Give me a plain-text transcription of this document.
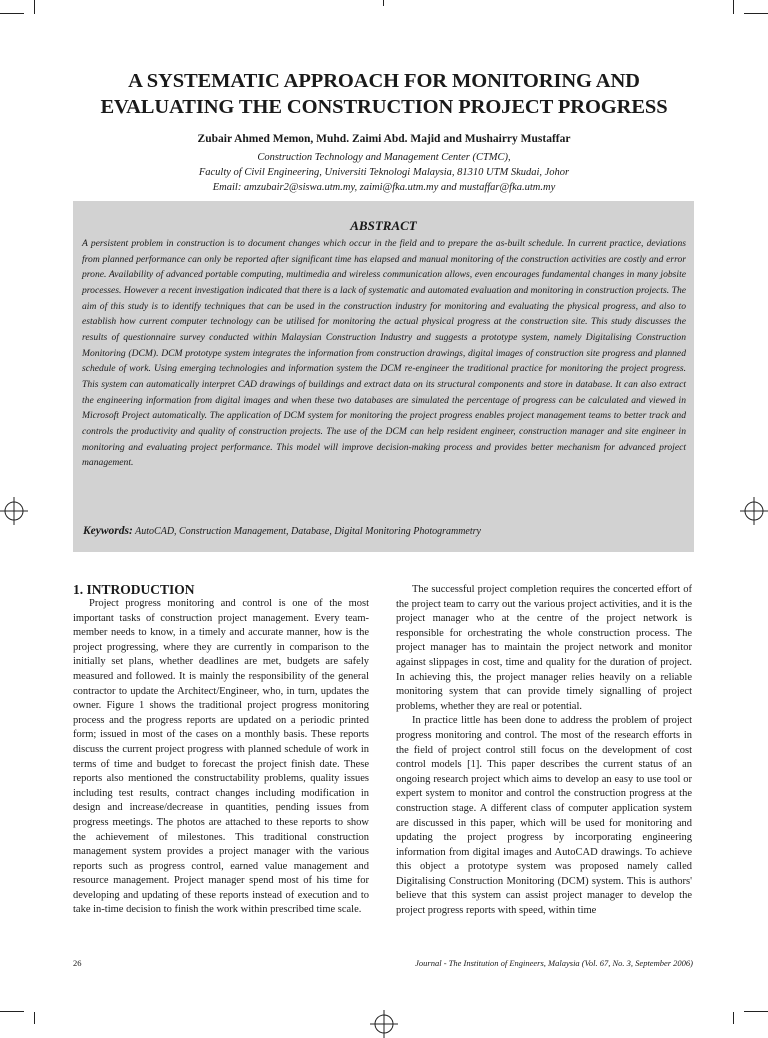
A SYSTEMATIC APPROACH FOR MONITORING AND EVALUATING THE CONSTRUCTION PROJECT PROGRESS
Zubair Ahmed Memon, Muhd. Zaimi Abd. Majid and Mushairry Mustaffar
Construction Technology and Management Center (CTMC),
Faculty of Civil Engineering, Universiti Teknologi Malaysia, 81310 UTM Skudai, Johor
Email: amzubair2@siswa.utm.my, zaimi@fka.utm.my and mustaffar@fka.utm.my
ABSTRACT
A persistent problem in construction is to document changes which occur in the field and to prepare the as-built schedule. In current practice, deviations from planned performance can only be reported after significant time has elapsed and manual monitoring of the construction activities are costly and error prone. Availability of advanced portable computing, multimedia and wireless communication allows, even encourages fundamental changes in many jobsite processes. However a recent investigation indicated that there is a lack of systematic and automated evaluation and monitoring in construction projects. The aim of this study is to identify techniques that can be used in the construction industry for monitoring and evaluating the physical progress, and also to establish how current computer technology can be utilised for monitoring the actual physical progress at the construction site. This study discusses the results of questionnaire survey conducted within Malaysian Construction Industry and suggests a prototype system, namely Digitalising Construction Monitoring (DCM). DCM prototype system integrates the information from construction drawings, digital images of construction site progress and planned schedule of work. Using emerging technologies and information system the DCM re-engineer the traditional practice for monitoring the project progress. This system can automatically interpret CAD drawings of buildings and extract data on its structural components and store in database. It can also extract the engineering information from digital images and when these two databases are simulated the percentage of progress can be calculated and viewed in Microsoft Project automatically. The application of DCM system for monitoring the project progress enables project management teams to better track and controls the productivity and quality of construction projects. The use of the DCM can help resident engineer, construction manager and site engineer in monitoring and evaluating project performance. This model will improve decision-making process and provides better mechanism for advanced project management.
Keywords: AutoCAD, Construction Management, Database, Digital Monitoring Photogrammetry
1. INTRODUCTION

Project progress monitoring and control is one of the most important tasks of construction project management. Every team-member needs to know, in a timely and accurate manner, how is the project progressing, where they are currently in comparison to the initially set plans, whether deadlines are met, budgets are safely measured and followed. It is mainly the responsibility of the general contractor to update the Architect/Engineer, who, in turn, updates the owner. Figure 1 shows the traditional project progress monitoring process and the progress reports are updated on a periodic printed form; issued in most of the cases on a monthly basis. These reports discuss the current project progress with planned schedule of work in terms of time and budget to forecast the project finish date. These reports also mentioned the constructability problems, quality issues including test results, contract changes including modification in design and increase/decrease in quantities, pending issues from progress meetings. The photos are attached to these reports to show the achievement of milestones. This traditional construction management system provides a project manager with the various reports such as progress control, earned value management and resource management. Project manager spend most of his time for developing and updating of these reports instead of execution and to take in-time decision to finish the work within prescribed time scale.

The successful project completion requires the concerted effort of the project team to carry out the various project activities, and it is the project manager who at the centre of the project network is responsible for orchestrating the whole construction process. The project manager has to maintain the project network and monitor against slippages in cost, time and quality for the duration of project. In achieving this, the project manager relies heavily on a reliable monitoring system that can provide timely signalling of project problems, whether they are real or potential.

In practice little has been done to address the problem of project progress monitoring and control. The most of the research efforts in the field of project control still focus on the development of cost control models [1]. This paper describes the current status of an ongoing research project which aims to develop an easy to use tool or expert system to monitor and control the construction progress at the construction stage. A different class of computer application system are discussed in this paper, which will be used for monitoring and updating the project progress by incorporating engineering information from digital images and AutoCAD drawings. To achieve this object a prototype system was proposed namely called Digitalising Construction Monitoring (DCM) system. This is authors' believe that this system can assist project manager to develop the project progress reports with speed, within time

26	Journal - The Institution of Engineers, Malaysia (Vol. 67, No. 3, September 2006)
